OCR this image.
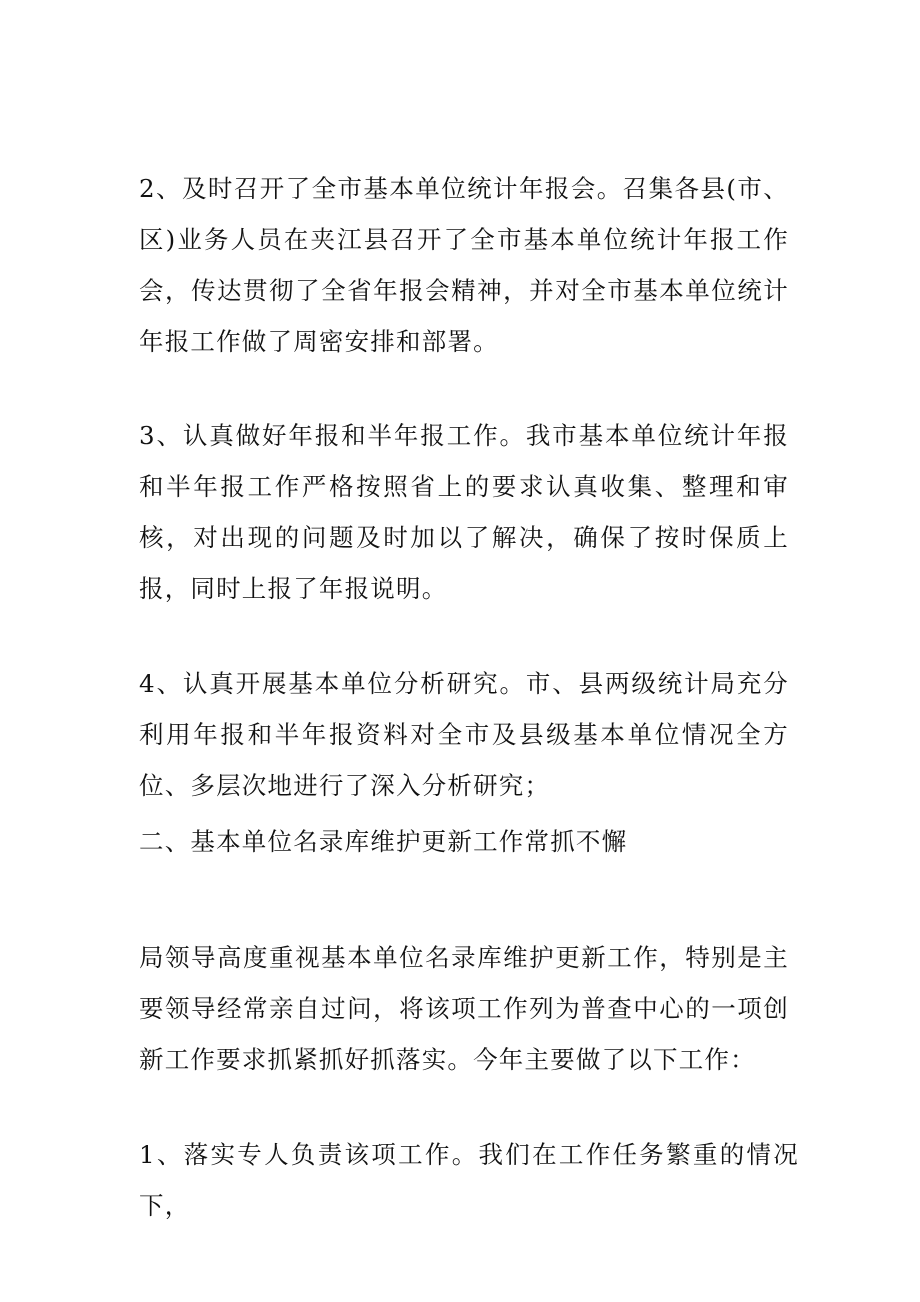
2、及时召开了全市基本单位统计年报会。召集各县(市、区)业务人员在夹江县召开了全市基本单位统计年报工作会，传达贯彻了全省年报会精神，并对全市基本单位统计年报工作做了周密安排和部署。

3、认真做好年报和半年报工作。我市基本单位统计年报和半年报工作严格按照省上的要求认真收集、整理和审核，对出现的问题及时加以了解决，确保了按时保质上报，同时上报了年报说明。

4、认真开展基本单位分析研究。市、县两级统计局充分利用年报和半年报资料对全市及县级基本单位情况全方位、多层次地进行了深入分析研究；

二、基本单位名录库维护更新工作常抓不懈

局领导高度重视基本单位名录库维护更新工作，特别是主要领导经常亲自过问，将该项工作列为普查中心的一项创新工作要求抓紧抓好抓落实。今年主要做了以下工作：

1、落实专人负责该项工作。我们在工作任务繁重的情况下，
